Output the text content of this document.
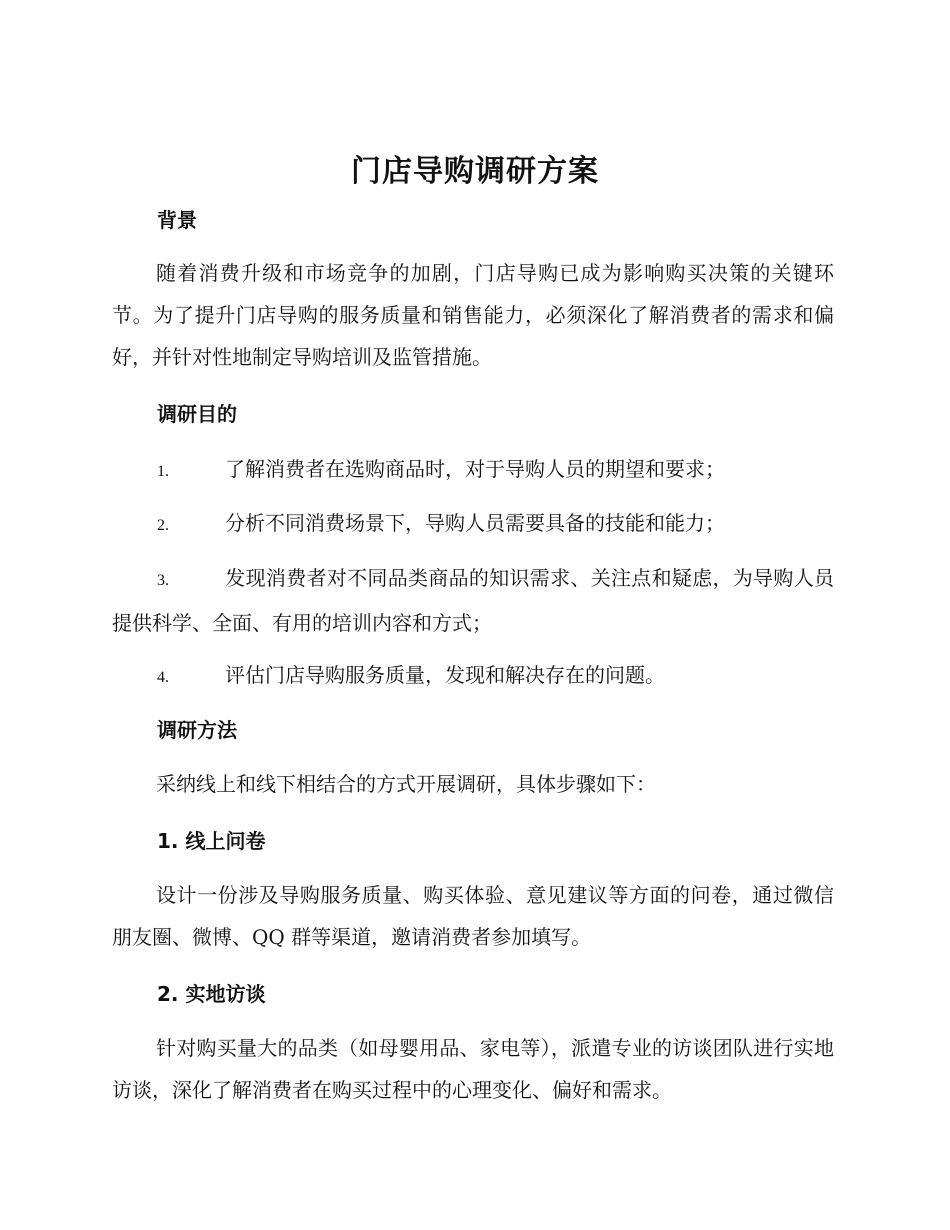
门店导购调研方案
背景

随着消费升级和市场竞争的加剧，门店导购已成为影响购买决策的关键环节。为了提升门店导购的服务质量和销售能力，必须深化了解消费者的需求和偏好，并针对性地制定导购培训及监管措施。

调研目的

1.	了解消费者在选购商品时，对于导购人员的期望和要求；

2.	分析不同消费场景下，导购人员需要具备的技能和能力；

3.	发现消费者对不同品类商品的知识需求、关注点和疑虑，为导购人员提供科学、全面、有用的培训内容和方式；

4.	评估门店导购服务质量，发现和解决存在的问题。

调研方法

采纳线上和线下相结合的方式开展调研，具体步骤如下：

1. 线上问卷

设计一份涉及导购服务质量、购买体验、意见建议等方面的问卷，通过微信朋友圈、微博、QQ 群等渠道，邀请消费者参加填写。

2. 实地访谈

针对购买量大的品类（如母婴用品、家电等），派遣专业的访谈团队进行实地访谈，深化了解消费者在购买过程中的心理变化、偏好和需求。
